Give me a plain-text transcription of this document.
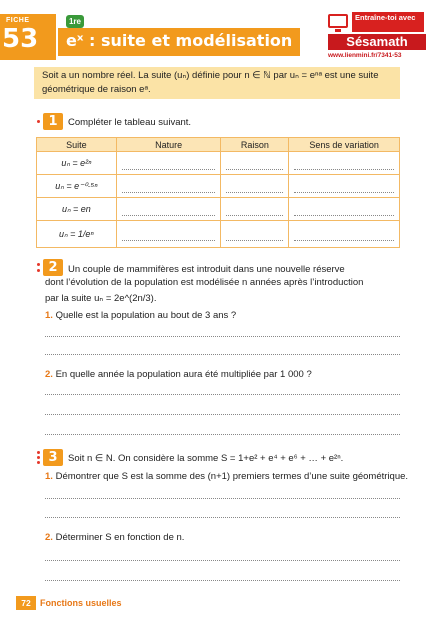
FICHE
53
1re
eˣ : suite et modélisation
Entraîne-toi avec
Sésamath
www.lienmini.fr/7341-53
Soit a un nombre réel. La suite (uₙ) définie pour n ∈ ℕ par uₙ = eⁿᵃ est une suite
géométrique de raison eᵃ.
1	Compléter le tableau suivant.
Suite	Nature	Raison	Sens de variation
uₙ = e²ⁿ	

uₙ = e⁻⁰·⁵ⁿ	

uₙ = en	

uₙ = 1/eⁿ	

2	Un couple de mammifères est introduit dans une nouvelle réserve
dont l’évolution de la population est modélisée n années après l’introduction
par la suite uₙ = 2e^(2n/3).
1. Quelle est la population au bout de 3 ans ?
2. En quelle année la population aura été multipliée par 1 000 ?
3	Soit n ∈ N. On considère la somme S = 1+e² + e⁴ + e⁶ + … + e²ⁿ.
1. Démontrer que S est la somme des (n+1) premiers termes d’une suite géométrique.
2. Déterminer S en fonction de n.
72	Fonctions usuelles
